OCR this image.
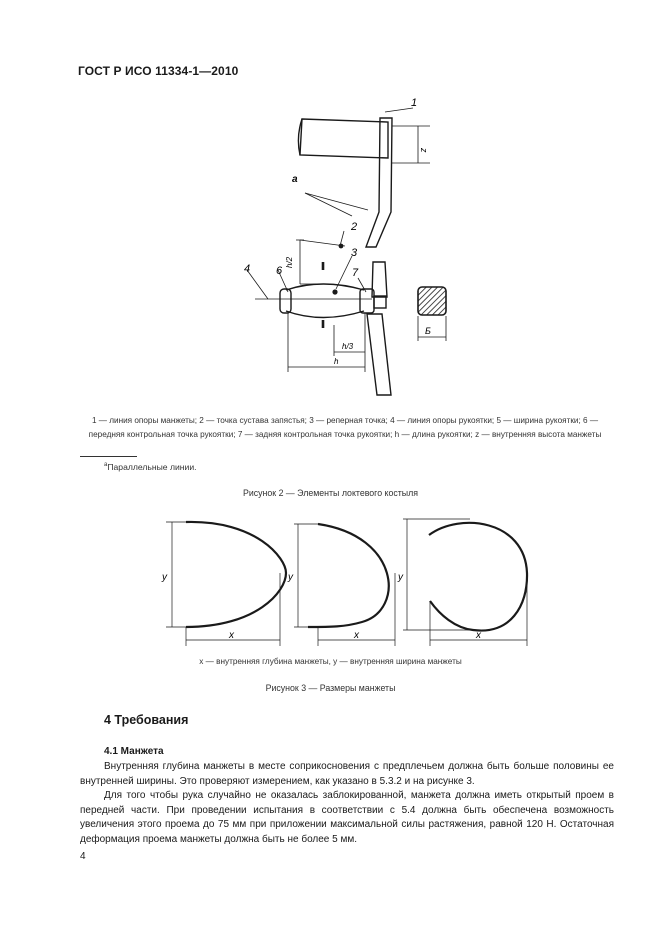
ГОСТ Р ИСО 11334-1—2010
1
z
a
2
3
4 6	7
h/2
h/3
h
Б
1 — линия опоры манжеты; 2 — точка сустава запястья; 3 — реперная точка; 4 — линия опоры рукоятки; 5 — ширина рукоятки; 6 — передняя контрольная точка рукоятки; 7 — задняя контрольная точка рукоятки; h — длина рукоятки; z — внутренняя высота манжеты
$^a$Параллельные линии.
Рисунок 2 — Элементы локтевого костыля
y
x
y
x
y
x
x — внутренняя глубина манжеты, y — внутренняя ширина манжеты
Рисунок 3 — Размеры манжеты
4 Требования
4.1 Манжета

Внутренняя глубина манжеты в месте соприкосновения с предплечьем должна быть больше половины ее внутренней ширины. Это проверяют измерением, как указано в 5.3.2 и на рисунке 3.

Для того чтобы рука случайно не оказалась заблокированной, манжета должна иметь открытый проем в передней части. При проведении испытания в соответствии с 5.4 должна быть обеспечена возможность увеличения этого проема до 75 мм при приложении максимальной силы растяжения, равной 120 Н. Остаточная деформация проема манжеты должна быть не более 5 мм.

4
